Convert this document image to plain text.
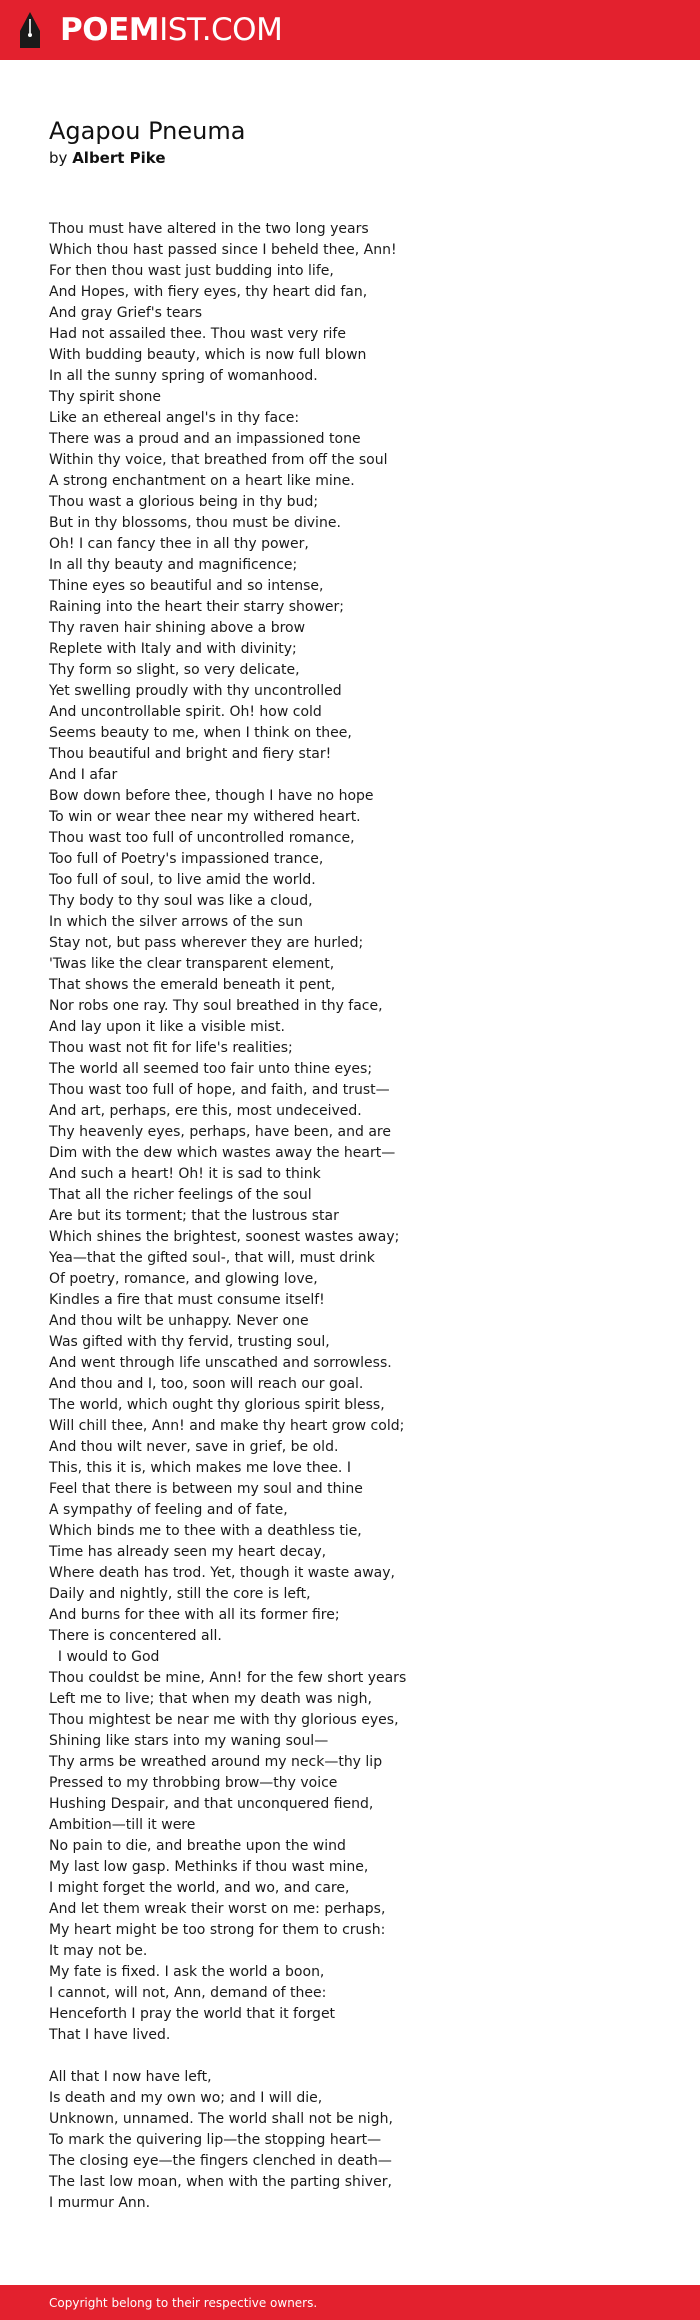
POEMIST.COM
Agapou Pneuma
by Albert Pike
Thou must have altered in the two long years
Which thou hast passed since I beheld thee, Ann!
For then thou wast just budding into life,
And Hopes, with fiery eyes, thy heart did fan,
And gray Grief's tears
Had not assailed thee. Thou wast very rife
With budding beauty, which is now full blown
In all the sunny spring of womanhood.
Thy spirit shone
Like an ethereal angel's in thy face:
There was a proud and an impassioned tone
Within thy voice, that breathed from off the soul
A strong enchantment on a heart like mine.
Thou wast a glorious being in thy bud;
But in thy blossoms, thou must be divine.
Oh! I can fancy thee in all thy power,
In all thy beauty and magnificence;
Thine eyes so beautiful and so intense,
Raining into the heart their starry shower;
Thy raven hair shining above a brow
Replete with Italy and with divinity;
Thy form so slight, so very delicate,
Yet swelling proudly with thy uncontrolled
And uncontrollable spirit. Oh! how cold
Seems beauty to me, when I think on thee,
Thou beautiful and bright and fiery star!
And I afar
Bow down before thee, though I have no hope
To win or wear thee near my withered heart.
Thou wast too full of uncontrolled romance,
Too full of Poetry's impassioned trance,
Too full of soul, to live amid the world.
Thy body to thy soul was like a cloud,
In which the silver arrows of the sun
Stay not, but pass wherever they are hurled;
'Twas like the clear transparent element,
That shows the emerald beneath it pent,
Nor robs one ray. Thy soul breathed in thy face,
And lay upon it like a visible mist.
Thou wast not fit for life's realities;
The world all seemed too fair unto thine eyes;
Thou wast too full of hope, and faith, and trust—
And art, perhaps, ere this, most undeceived.
Thy heavenly eyes, perhaps, have been, and are
Dim with the dew which wastes away the heart—
And such a heart! Oh! it is sad to think
That all the richer feelings of the soul
Are but its torment; that the lustrous star
Which shines the brightest, soonest wastes away;
Yea—that the gifted soul-, that will, must drink
Of poetry, romance, and glowing love,
Kindles a fire that must consume itself!
And thou wilt be unhappy. Never one
Was gifted with thy fervid, trusting soul,
And went through life unscathed and sorrowless.
And thou and I, too, soon will reach our goal.
The world, which ought thy glorious spirit bless,
Will chill thee, Ann! and make thy heart grow cold;
And thou wilt never, save in grief, be old.
This, this it is, which makes me love thee. I
Feel that there is between my soul and thine
A sympathy of feeling and of fate,
Which binds me to thee with a deathless tie,
Time has already seen my heart decay,
Where death has trod. Yet, though it waste away,
Daily and nightly, still the core is left,
And burns for thee with all its former fire;
There is concentered all.
I would to God
Thou couldst be mine, Ann! for the few short years
Left me to live; that when my death was nigh,
Thou mightest be near me with thy glorious eyes,
Shining like stars into my waning soul—
Thy arms be wreathed around my neck—thy lip
Pressed to my throbbing brow—thy voice
Hushing Despair, and that unconquered fiend,
Ambition—till it were
No pain to die, and breathe upon the wind
My last low gasp. Methinks if thou wast mine,
I might forget the world, and wo, and care,
And let them wreak their worst on me: perhaps,
My heart might be too strong for them to crush:
It may not be.
My fate is fixed. I ask the world a boon,
I cannot, will not, Ann, demand of thee:
Henceforth I pray the world that it forget
That I have lived.
All that I now have left,
Is death and my own wo; and I will die,
Unknown, unnamed. The world shall not be nigh,
To mark the quivering lip—the stopping heart—
The closing eye—the fingers clenched in death—
The last low moan, when with the parting shiver,
I murmur Ann.
Copyright belong to their respective owners.
